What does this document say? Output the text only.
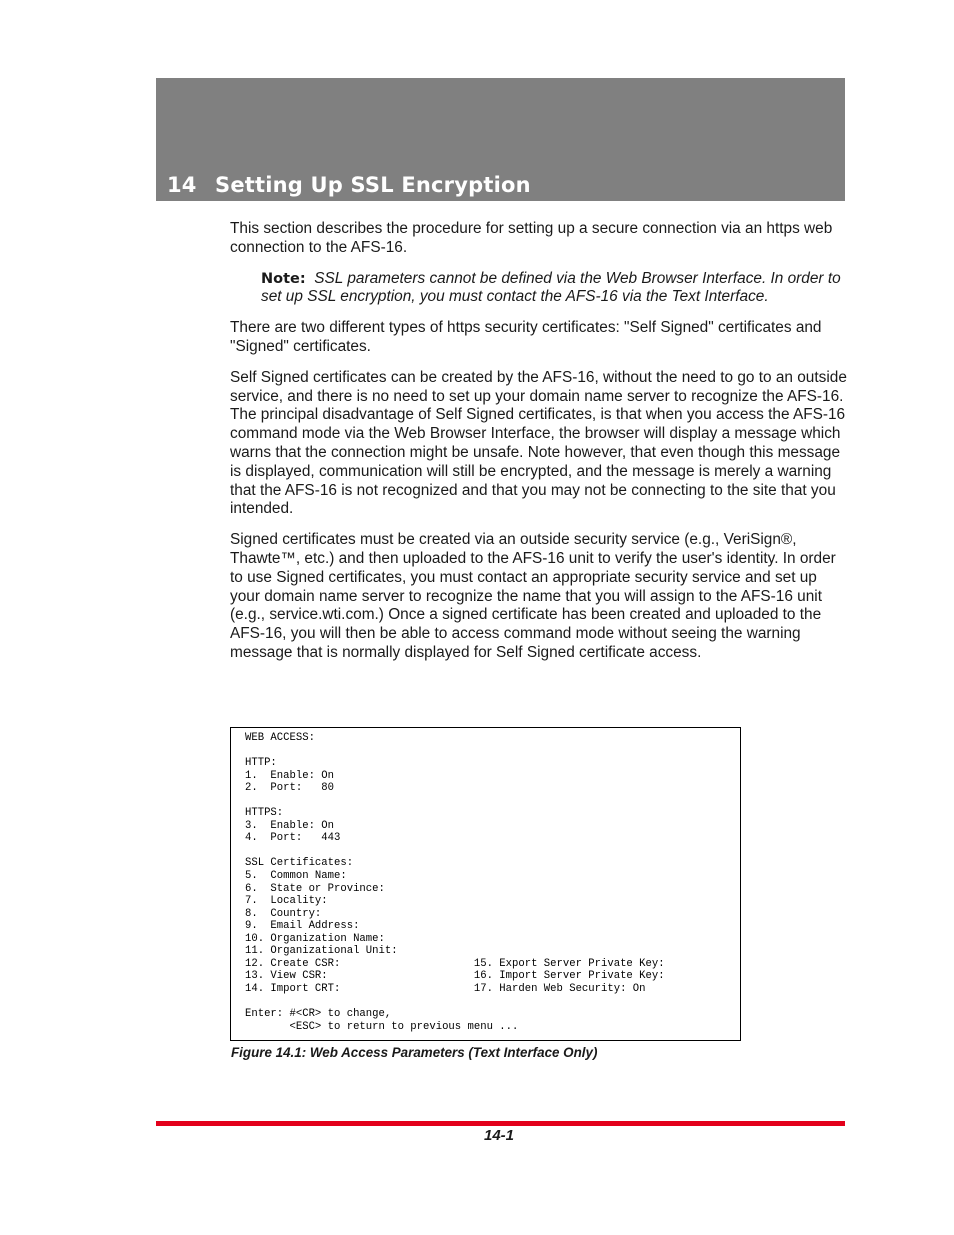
14 Setting Up SSL Encryption

This section describes the procedure for setting up a secure connection via an https web connection to the AFS-16.

Note: SSL parameters cannot be defined via the Web Browser Interface. In order to set up SSL encryption, you must contact the AFS-16 via the Text Interface.

There are two different types of https security certificates: "Self Signed" certificates and "Signed" certificates.

Self Signed certificates can be created by the AFS-16, without the need to go to an outside service, and there is no need to set up your domain name server to recognize the AFS-16. The principal disadvantage of Self Signed certificates, is that when you access the AFS-16 command mode via the Web Browser Interface, the browser will display a message which warns that the connection might be unsafe. Note however, that even though this message is displayed, communication will still be encrypted, and the message is merely a warning that the AFS-16 is not recognized and that you may not be connecting to the site that you intended.

Signed certificates must be created via an outside security service (e.g., VeriSign®, Thawte™, etc.) and then uploaded to the AFS-16 unit to verify the user's identity. In order to use Signed certificates, you must contact an appropriate security service and set up your domain name server to recognize the name that you will assign to the AFS-16 unit (e.g., service.wti.com.) Once a signed certificate has been created and uploaded to the AFS-16, you will then be able to access command mode without seeing the warning message that is normally displayed for Self Signed certificate access.

WEB ACCESS:

HTTP:
1.  Enable: On
2.  Port:   80

HTTPS:
3.  Enable: On
4.  Port:   443

SSL Certificates:
5.  Common Name:
6.  State or Province:
7.  Locality:
8.  Country:
9.  Email Address:
10. Organization Name:
11. Organizational Unit:
12. Create CSR:                     15. Export Server Private Key:
13. View CSR:                       16. Import Server Private Key:
14. Import CRT:                     17. Harden Web Security: On

Enter: #<CR> to change,
<ESC> to return to previous menu ...
Figure 14.1: Web Access Parameters (Text Interface Only)
14-1
